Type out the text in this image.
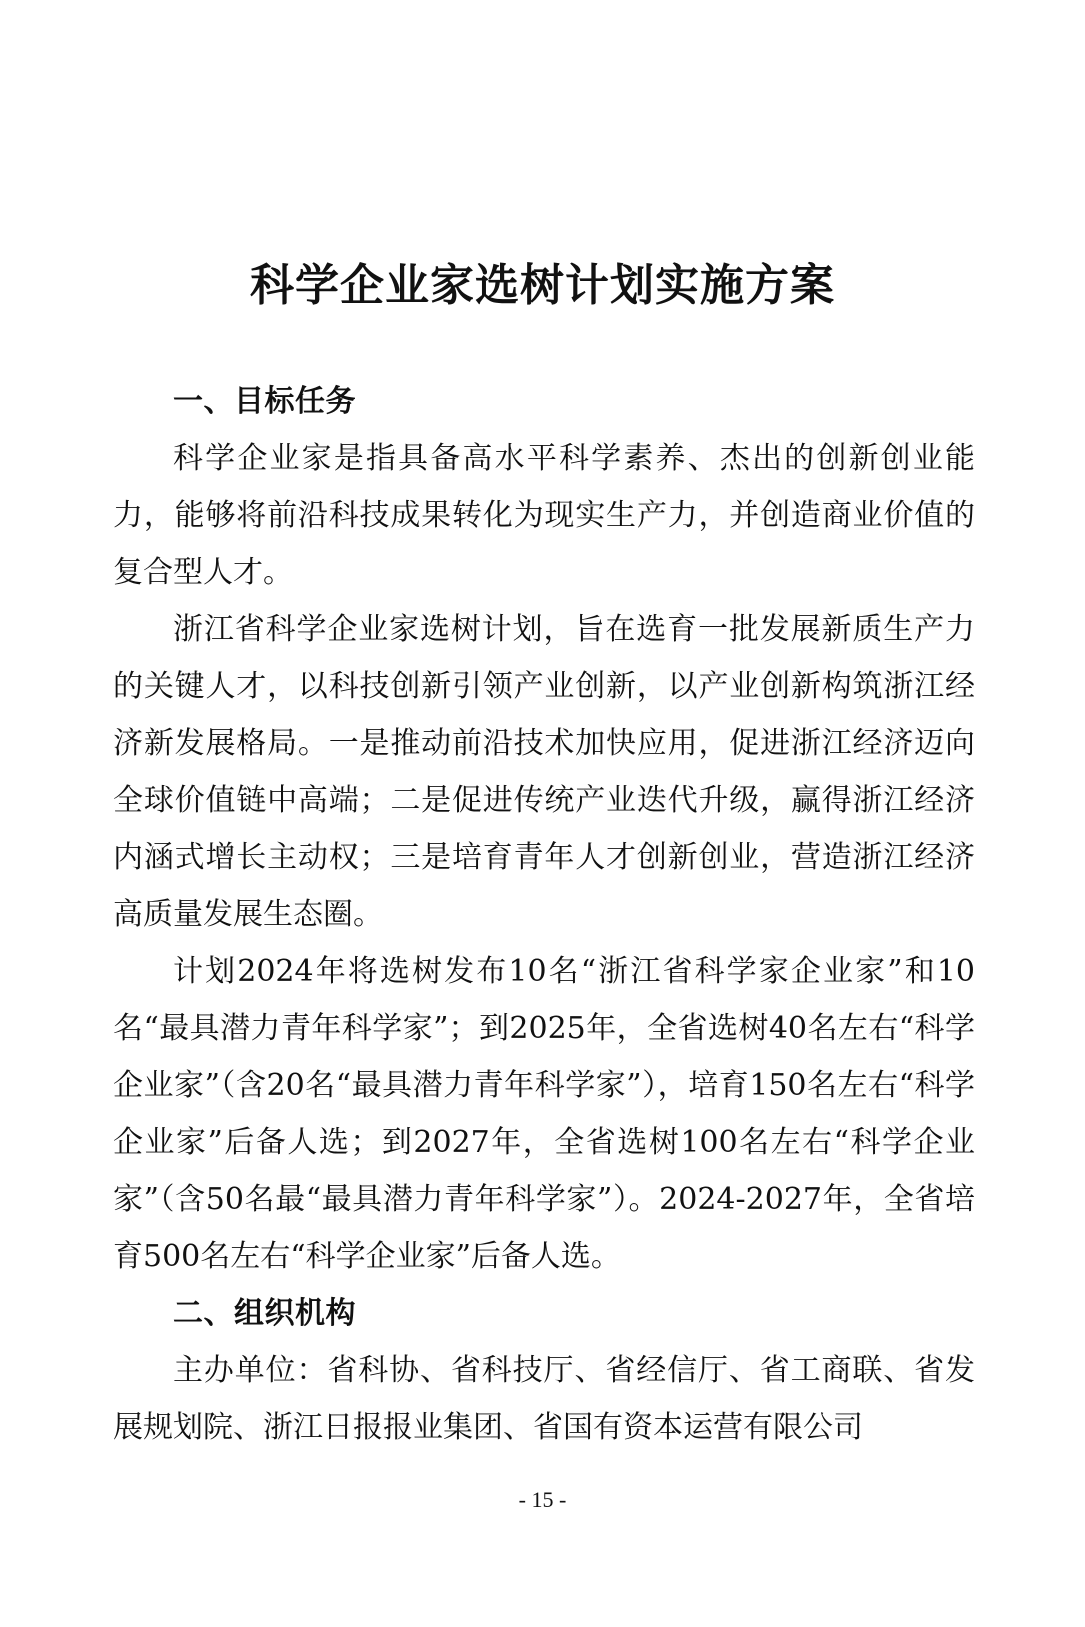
科学企业家选树计划实施方案

一、目标任务

科学企业家是指具备高水平科学素养、杰出的创新创业能力，能够将前沿科技成果转化为现实生产力，并创造商业价值的复合型人才。

浙江省科学企业家选树计划，旨在选育一批发展新质生产力的关键人才，以科技创新引领产业创新，以产业创新构筑浙江经济新发展格局。一是推动前沿技术加快应用，促进浙江经济迈向全球价值链中高端；二是促进传统产业迭代升级，赢得浙江经济内涵式增长主动权；三是培育青年人才创新创业，营造浙江经济高质量发展生态圈。

计划2024年将选树发布10名“浙江省科学家企业家”和10名“最具潜力青年科学家”；到2025年，全省选树40名左右“科学企业家”（含20名“最具潜力青年科学家”），培育150名左右“科学企业家”后备人选；到2027年，全省选树100名左右“科学企业家”（含50名最“最具潜力青年科学家”）。2024-2027年，全省培育500名左右“科学企业家”后备人选。

二、组织机构

主办单位：省科协、省科技厅、省经信厅、省工商联、省发展规划院、浙江日报报业集团、省国有资本运营有限公司

- 15 -
